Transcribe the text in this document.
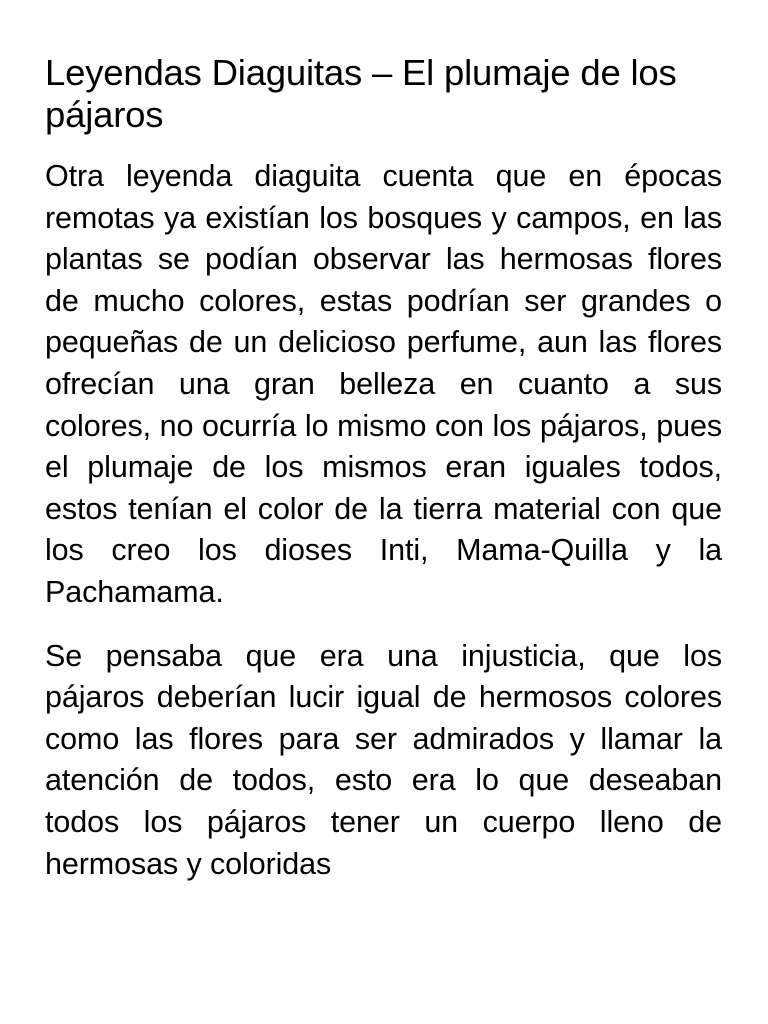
Leyendas Diaguitas – El plumaje de los pájaros

Otra leyenda diaguita cuenta que en épocas remotas ya existían los bosques y campos, en las plantas se podían observar las hermosas flores de mucho colores, estas podrían ser grandes o pequeñas de un delicioso perfume, aun las flores ofrecían una gran belleza en cuanto a sus colores, no ocurría lo mismo con los pájaros, pues el plumaje de los mismos eran iguales todos, estos tenían el color de la tierra material con que los creo los dioses Inti, Mama-Quilla y la Pachamama.

Se pensaba que era una injusticia, que los pájaros deberían lucir igual de hermosos colores como las flores para ser admirados y llamar la atención de todos, esto era lo que deseaban todos los pájaros tener un cuerpo lleno de hermosas y coloridas
